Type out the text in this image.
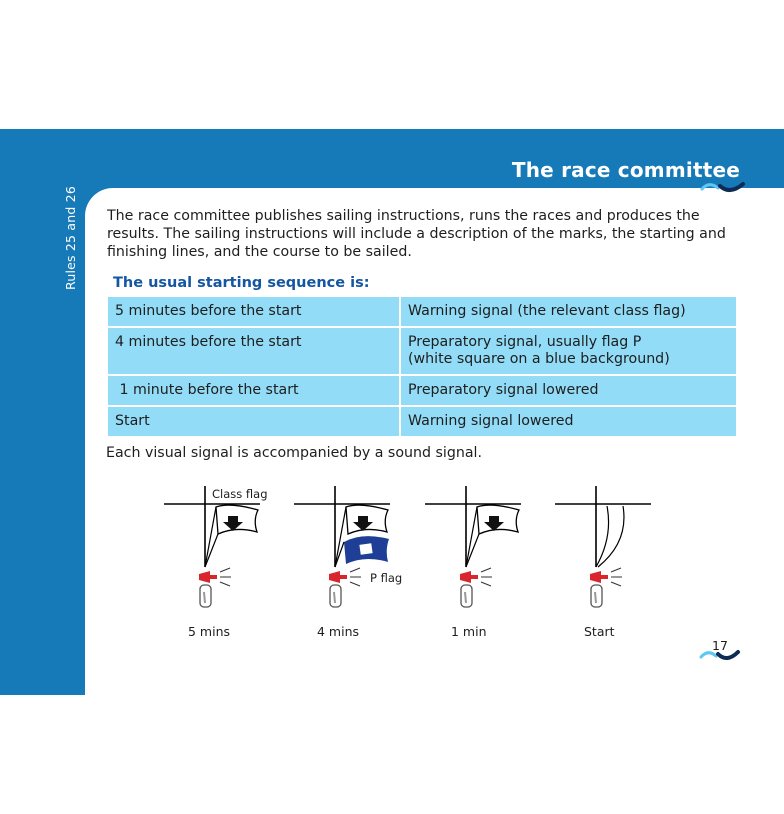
Rules 25 and 26
The race committee

The race committee publishes sailing instructions, runs the races and produces the results. The sailing instructions will include a description of the marks, the starting and finishing lines, and the course to be sailed.

The usual starting sequence is:
5 minutes before the start	Warning signal (the relevant class flag)

4 minutes before the start	Preparatory signal, usually flag P
(white square on a blue background)

1 minute before the start	Preparatory signal lowered

Start	Warning signal lowered

Each visual signal is accompanied by a sound signal.

Class flag
5 mins
P flag
4 mins	1 min	Start
17
